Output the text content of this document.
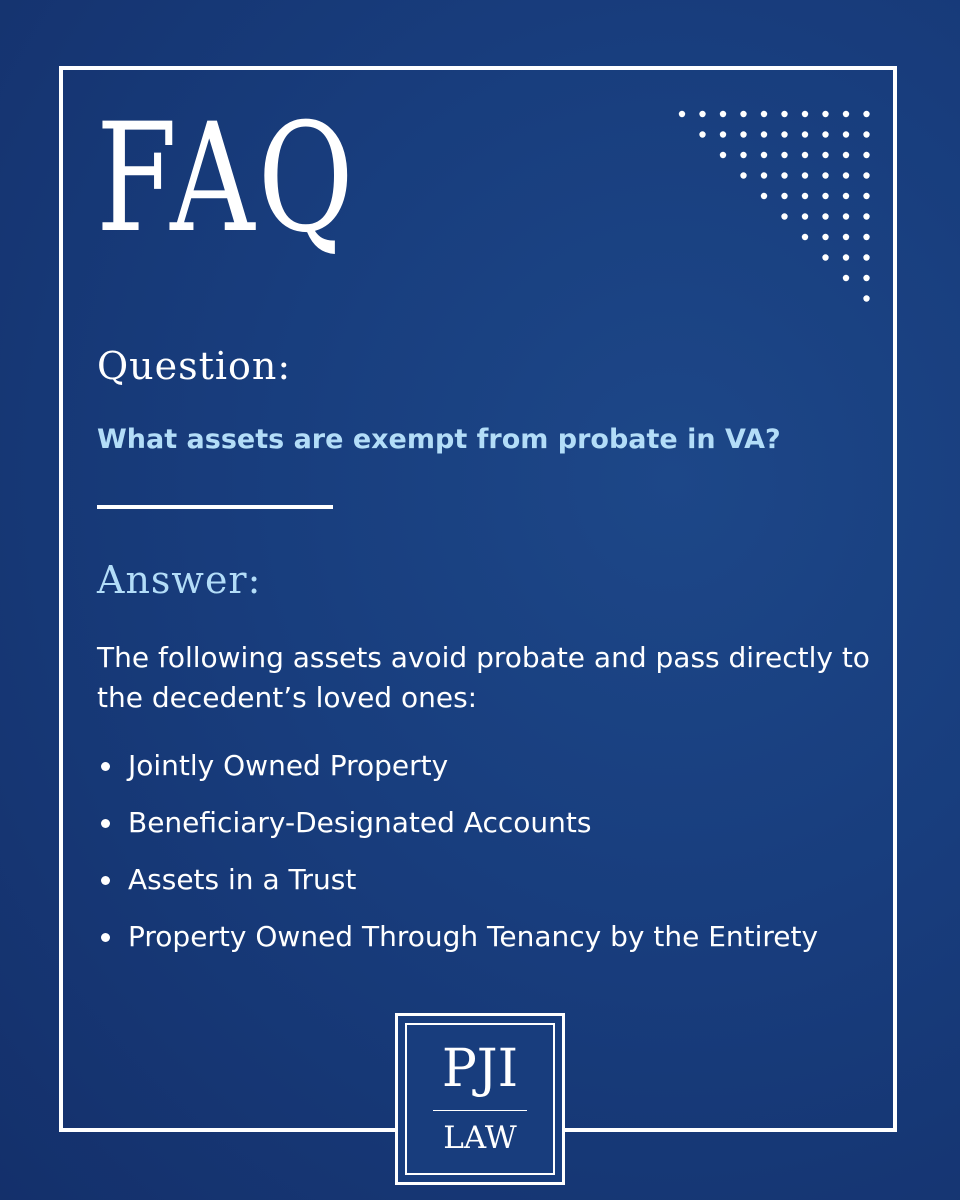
FAQ
Question:
What assets are exempt from probate in VA?
Answer:
The following assets avoid probate and pass directly to the decedent’s loved ones:
Jointly Owned Property
Beneficiary-Designated Accounts
Assets in a Trust
Property Owned Through Tenancy by the Entirety
PJI
LAW
